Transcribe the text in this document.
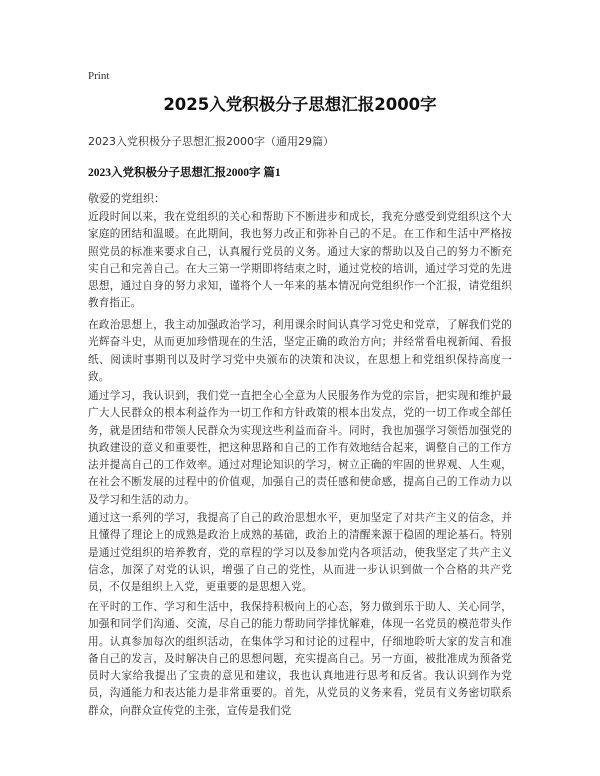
Print
2025入党积极分子思想汇报2000字
2023入党积极分子思想汇报2000字（通用29篇）
2023入党积极分子思想汇报2000字 篇1
敬爱的党组织：

近段时间以来，我在党组织的关心和帮助下不断进步和成长，我充分感受到党组织这个大家庭的团结和温暖。在此期间，我也努力改正和弥补自己的不足。在工作和生活中严格按照党员的标准来要求自己，认真履行党员的义务。通过大家的帮助以及自己的努力不断充实自己和完善自己。在大三第一学期即将结束之时，通过党校的培训，通过学习党的先进思想，通过自身的努力求知，谨将个人一年来的基本情况向党组织作一个汇报，请党组织教育指正。

在政治思想上，我主动加强政治学习，利用课余时间认真学习党史和党章，了解我们党的光辉奋斗史，从而更加珍惜现在的生活，坚定正确的政治方向；并经常看电视新闻、看报纸、阅读时事期刊以及时学习党中央颁布的决策和决议，在思想上和党组织保持高度一致。

通过学习，我认识到，我们党一直把全心全意为人民服务作为党的宗旨，把实现和维护最广大人民群众的根本利益作为一切工作和方针政策的根本出发点，党的一切工作或全部任务，就是团结和带领人民群众为实现这些利益而奋斗。同时，我也加强学习领悟加强党的执政建设的意义和重要性，把这种思路和自己的工作有效地结合起来，调整自己的工作方法并提高自己的工作效率。通过对理论知识的学习，树立正确的牢固的世界观、人生观，在社会不断发展的过程中的价值观，加强自己的责任感和使命感，提高自己的工作动力以及学习和生活的动力。

通过这一系列的学习，我提高了自己的政治思想水平，更加坚定了对共产主义的信念，并且懂得了理论上的成熟是政治上成熟的基础，政治上的清醒来源于稳固的理论基石。特别是通过党组织的培养教育，党的章程的学习以及参加党内各项活动，使我坚定了共产主义信念，加深了对党的认识，增强了自己的党性，从而进一步认识到做一个合格的共产党员，不仅是组织上入党，更重要的是思想入党。

在平时的工作、学习和生活中，我保持积极向上的心态，努力做到乐于助人、关心同学，加强和同学们沟通、交流，尽自己的能力帮助同学排忧解难，体现一名党员的模范带头作用。认真参加每次的组织活动，在集体学习和讨论的过程中，仔细地聆听大家的发言和准备自己的发言，及时解决自己的思想问题，充实提高自己。另一方面，被批准成为预备党员时大家给我提出了宝贵的意见和建议，我也认真地进行思考和反省。我认识到作为党员，沟通能力和表达能力是非常重要的。首先，从党员的义务来看，党员有义务密切联系群众，向群众宣传党的主张，宣传是我们党
